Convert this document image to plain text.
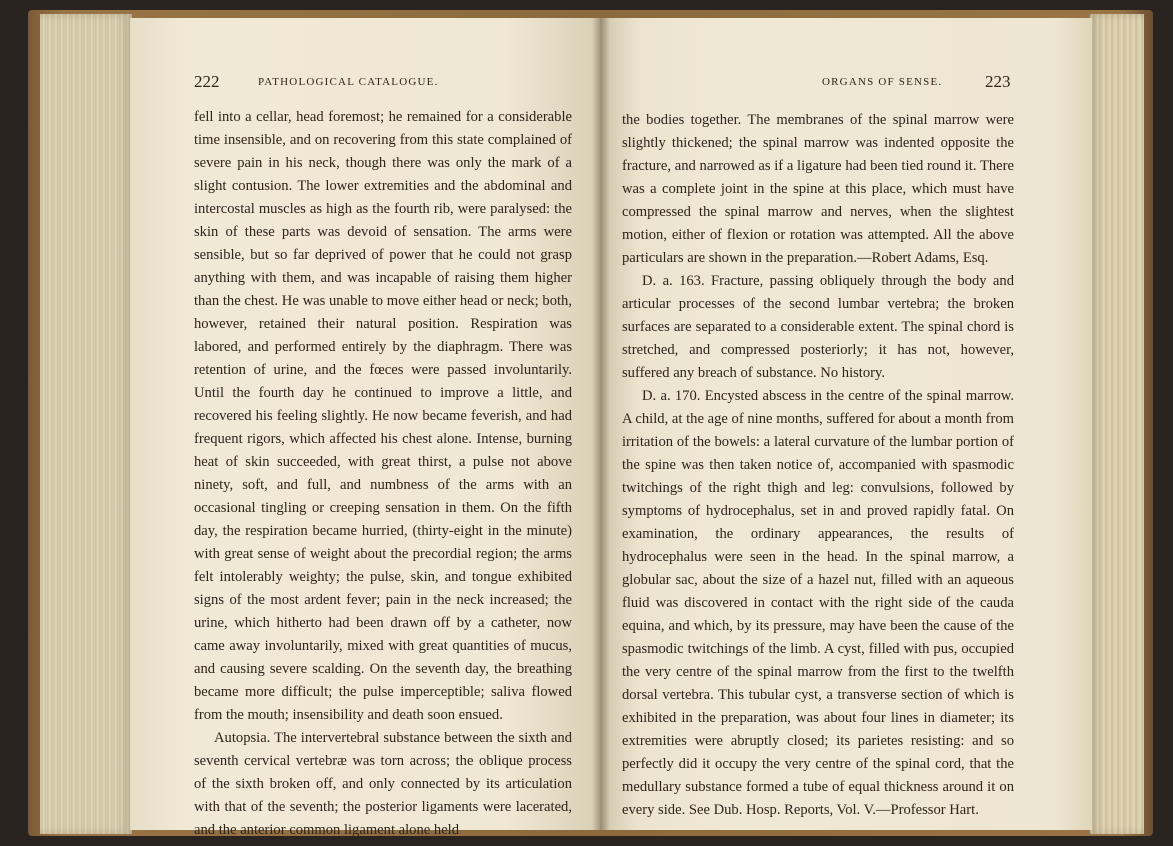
222	PATHOLOGICAL CATALOGUE.

fell into a cellar, head foremost; he remained for a considerable time insensible, and on recovering from this state complained of severe pain in his neck, though there was only the mark of a slight contusion. The lower extremities and the abdominal and intercostal muscles as high as the fourth rib, were paralysed: the skin of these parts was devoid of sensation. The arms were sensible, but so far deprived of power that he could not grasp anything with them, and was incapable of raising them higher than the chest. He was unable to move either head or neck; both, however, retained their natural position. Respiration was labored, and performed entirely by the diaphragm. There was retention of urine, and the fœces were passed involuntarily. Until the fourth day he continued to improve a little, and recovered his feeling slightly. He now became feverish, and had frequent rigors, which affected his chest alone. Intense, burning heat of skin succeeded, with great thirst, a pulse not above ninety, soft, and full, and numbness of the arms with an occasional tingling or creeping sensation in them. On the fifth day, the respiration became hurried, (thirty-eight in the minute) with great sense of weight about the precordial region; the arms felt intolerably weighty; the pulse, skin, and tongue exhibited signs of the most ardent fever; pain in the neck increased; the urine, which hitherto had been drawn off by a catheter, now came away involuntarily, mixed with great quantities of mucus, and causing severe scalding. On the seventh day, the breathing became more difficult; the pulse imperceptible; saliva flowed from the mouth; insensibility and death soon ensued.

Autopsia. The intervertebral substance between the sixth and seventh cervical vertebræ was torn across; the oblique process of the sixth broken off, and only connected by its articulation with that of the seventh; the posterior ligaments were lacerated, and the anterior common ligament alone held

ORGANS OF SENSE.	223

the bodies together. The membranes of the spinal marrow were slightly thickened; the spinal marrow was indented opposite the fracture, and narrowed as if a ligature had been tied round it. There was a complete joint in the spine at this place, which must have compressed the spinal marrow and nerves, when the slightest motion, either of flexion or rotation was attempted. All the above particulars are shown in the preparation.—Robert Adams, Esq.

D. a. 163. Fracture, passing obliquely through the body and articular processes of the second lumbar vertebra; the broken surfaces are separated to a considerable extent. The spinal chord is stretched, and compressed posteriorly; it has not, however, suffered any breach of substance. No history.

D. a. 170. Encysted abscess in the centre of the spinal marrow. A child, at the age of nine months, suffered for about a month from irritation of the bowels: a lateral curvature of the lumbar portion of the spine was then taken notice of, accompanied with spasmodic twitchings of the right thigh and leg: convulsions, followed by symptoms of hydrocephalus, set in and proved rapidly fatal. On examination, the ordinary appearances, the results of hydrocephalus were seen in the head. In the spinal marrow, a globular sac, about the size of a hazel nut, filled with an aqueous fluid was discovered in contact with the right side of the cauda equina, and which, by its pressure, may have been the cause of the spasmodic twitchings of the limb. A cyst, filled with pus, occupied the very centre of the spinal marrow from the first to the twelfth dorsal vertebra. This tubular cyst, a transverse section of which is exhibited in the preparation, was about four lines in diameter; its extremities were abruptly closed; its parietes resisting: and so perfectly did it occupy the very centre of the spinal cord, that the medullary substance formed a tube of equal thickness around it on every side. See Dub. Hosp. Reports, Vol. V.—Professor Hart.
